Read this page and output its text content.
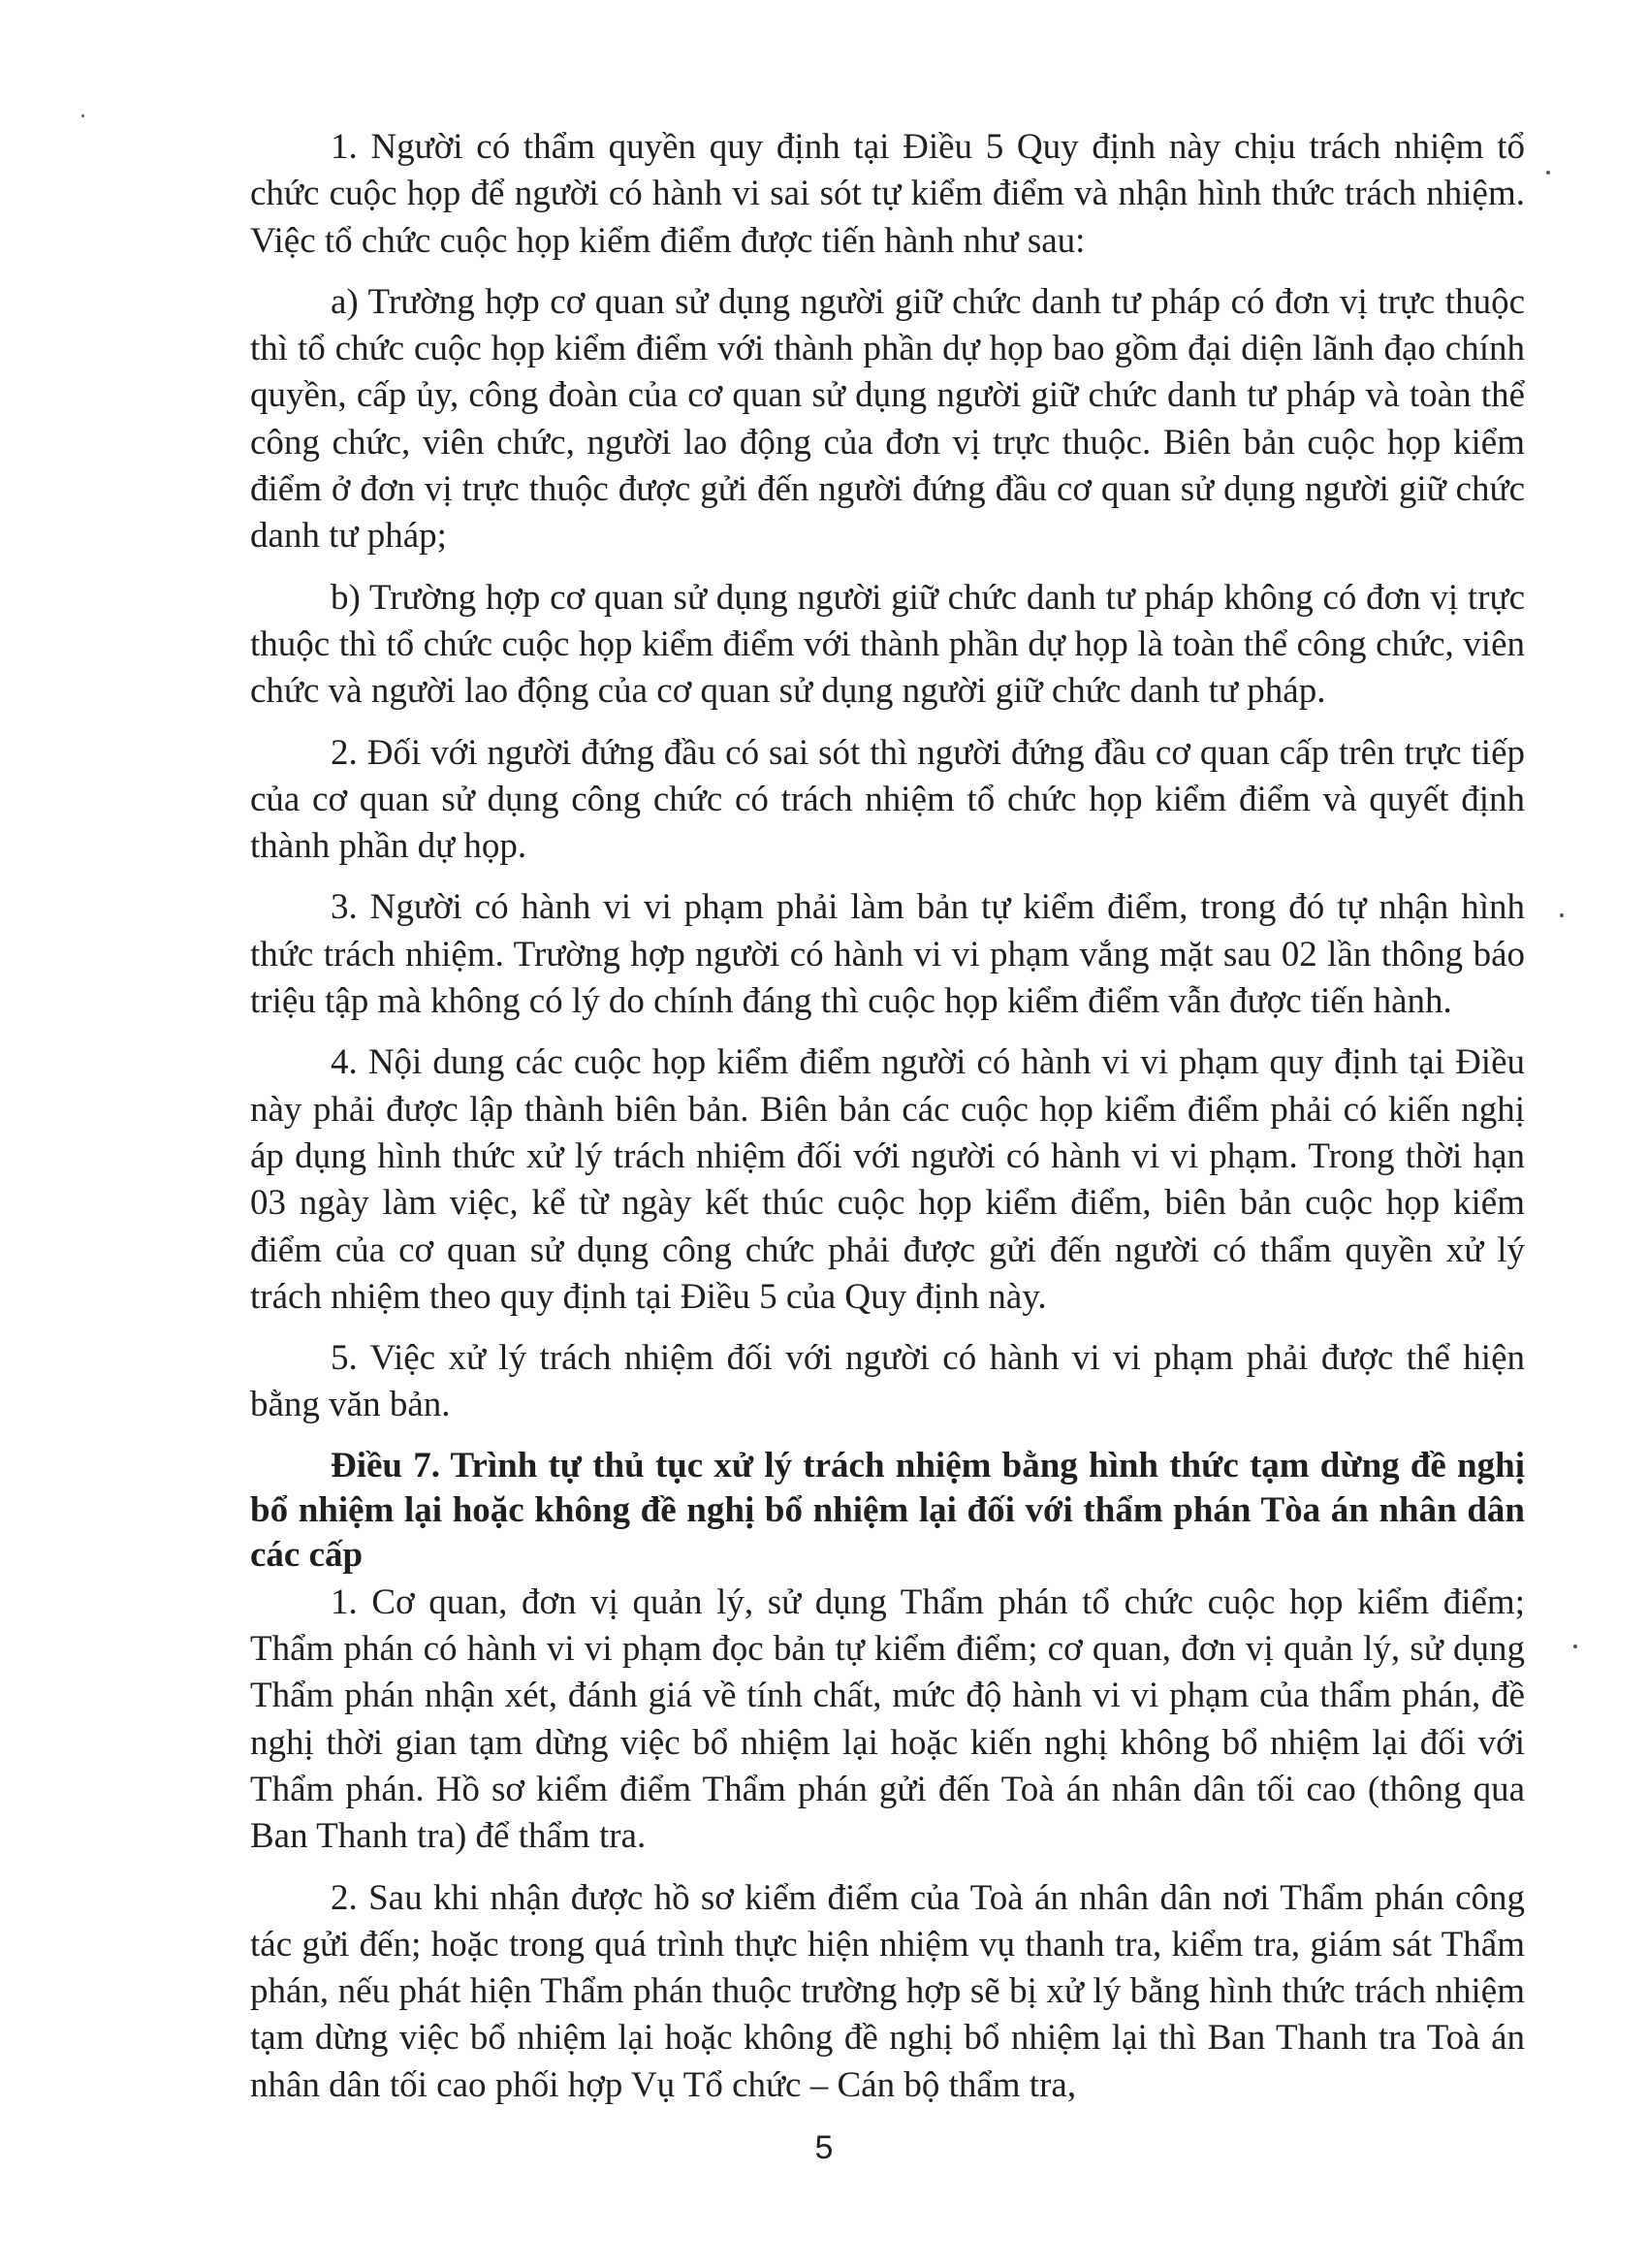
1. Người có thẩm quyền quy định tại Điều 5 Quy định này chịu trách nhiệm tổ chức cuộc họp để người có hành vi sai sót tự kiểm điểm và nhận hình thức trách nhiệm. Việc tổ chức cuộc họp kiểm điểm được tiến hành như sau:

a) Trường hợp cơ quan sử dụng người giữ chức danh tư pháp có đơn vị trực thuộc thì tổ chức cuộc họp kiểm điểm với thành phần dự họp bao gồm đại diện lãnh đạo chính quyền, cấp ủy, công đoàn của cơ quan sử dụng người giữ chức danh tư pháp và toàn thể công chức, viên chức, người lao động của đơn vị trực thuộc. Biên bản cuộc họp kiểm điểm ở đơn vị trực thuộc được gửi đến người đứng đầu cơ quan sử dụng người giữ chức danh tư pháp;

b) Trường hợp cơ quan sử dụng người giữ chức danh tư pháp không có đơn vị trực thuộc thì tổ chức cuộc họp kiểm điểm với thành phần dự họp là toàn thể công chức, viên chức và người lao động của cơ quan sử dụng người giữ chức danh tư pháp.

2. Đối với người đứng đầu có sai sót thì người đứng đầu cơ quan cấp trên trực tiếp của cơ quan sử dụng công chức có trách nhiệm tổ chức họp kiểm điểm và quyết định thành phần dự họp.

3. Người có hành vi vi phạm phải làm bản tự kiểm điểm, trong đó tự nhận hình thức trách nhiệm. Trường hợp người có hành vi vi phạm vắng mặt sau 02 lần thông báo triệu tập mà không có lý do chính đáng thì cuộc họp kiểm điểm vẫn được tiến hành.

4. Nội dung các cuộc họp kiểm điểm người có hành vi vi phạm quy định tại Điều này phải được lập thành biên bản. Biên bản các cuộc họp kiểm điểm phải có kiến nghị áp dụng hình thức xử lý trách nhiệm đối với người có hành vi vi phạm. Trong thời hạn 03 ngày làm việc, kể từ ngày kết thúc cuộc họp kiểm điểm, biên bản cuộc họp kiểm điểm của cơ quan sử dụng công chức phải được gửi đến người có thẩm quyền xử lý trách nhiệm theo quy định tại Điều 5 của Quy định này.

5. Việc xử lý trách nhiệm đối với người có hành vi vi phạm phải được thể hiện bằng văn bản.

Điều 7. Trình tự thủ tục xử lý trách nhiệm bằng hình thức tạm dừng đề nghị bổ nhiệm lại hoặc không đề nghị bổ nhiệm lại đối với thẩm phán Tòa án nhân dân các cấp

1. Cơ quan, đơn vị quản lý, sử dụng Thẩm phán tổ chức cuộc họp kiểm điểm; Thẩm phán có hành vi vi phạm đọc bản tự kiểm điểm; cơ quan, đơn vị quản lý, sử dụng Thẩm phán nhận xét, đánh giá về tính chất, mức độ hành vi vi phạm của thẩm phán, đề nghị thời gian tạm dừng việc bổ nhiệm lại hoặc kiến nghị không bổ nhiệm lại đối với Thẩm phán. Hồ sơ kiểm điểm Thẩm phán gửi đến Toà án nhân dân tối cao (thông qua Ban Thanh tra) để thẩm tra.

2. Sau khi nhận được hồ sơ kiểm điểm của Toà án nhân dân nơi Thẩm phán công tác gửi đến; hoặc trong quá trình thực hiện nhiệm vụ thanh tra, kiểm tra, giám sát Thẩm phán, nếu phát hiện Thẩm phán thuộc trường hợp sẽ bị xử lý bằng hình thức trách nhiệm tạm dừng việc bổ nhiệm lại hoặc không đề nghị bổ nhiệm lại thì Ban Thanh tra Toà án nhân dân tối cao phối hợp Vụ Tổ chức – Cán bộ thẩm tra,

5
